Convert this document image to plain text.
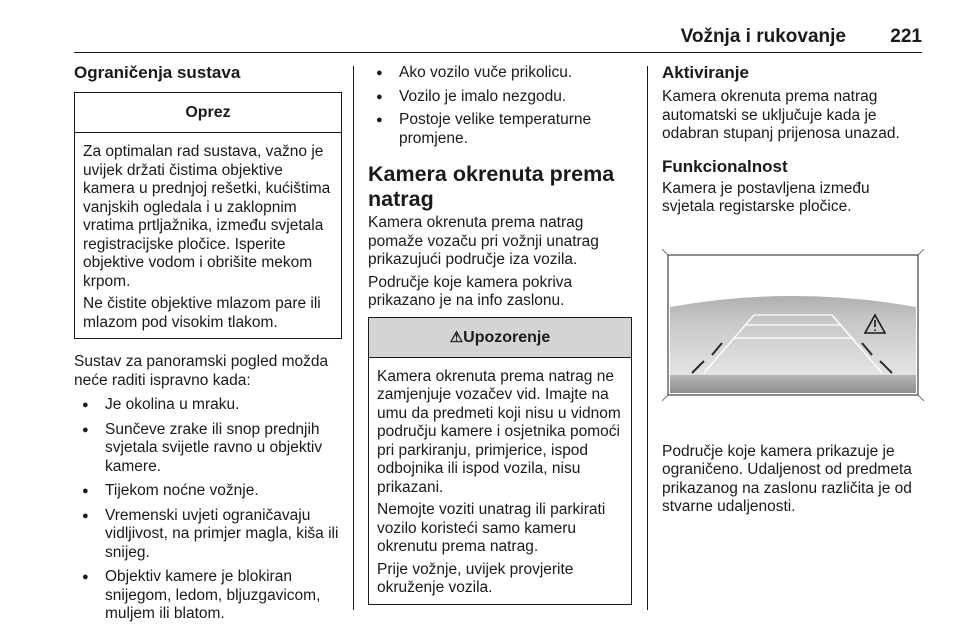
Vožnja i rukovanje 221
Ograničenja sustava
Oprez
Za optimalan rad sustava, važno je uvijek držati čistima objektive kamera u prednjoj rešetki, kućištima vanjskih ogledala i u zaklopnim vratima prtljažnika, između svjetala registracijske pločice. Isperite objektive vodom i obrišite mekom krpom.
Ne čistite objektive mlazom pare ili mlazom pod visokim tlakom.
Sustav za panoramski pogled možda neće raditi ispravno kada:
● Je okolina u mraku.
● Sunčeve zrake ili snop prednjih svjetala svijetle ravno u objektiv kamere.
● Tijekom noćne vožnje.
● Vremenski uvjeti ograničavaju vidljivost, na primjer magla, kiša ili snijeg.
● Objektiv kamere je blokiran snijegom, ledom, bljuzgavicom, muljem ili blatom.
● Ako vozilo vuče prikolicu.
● Vozilo je imalo nezgodu.
● Postoje velike temperaturne promjene.
Kamera okrenuta prema natrag
Kamera okrenuta prema natrag pomaže vozaču pri vožnji unatrag prikazujući područje iza vozila.
Područje koje kamera pokriva prikazano je na info zaslonu.
⚠Upozorenje
Kamera okrenuta prema natrag ne zamjenjuje vozačev vid. Imajte na umu da predmeti koji nisu u vidnom području kamere i osjetnika pomoći pri parkiranju, primjerice, ispod odbojnika ili ispod vozila, nisu prikazani.
Nemojte voziti unatrag ili parkirati vozilo koristeći samo kameru okrenutu prema natrag.
Prije vožnje, uvijek provjerite okruženje vozila.
Aktiviranje
Kamera okrenuta prema natrag automatski se uključuje kada je odabran stupanj prijenosa unazad.
Funkcionalnost
Kamera je postavljena između svjetala registarske pločice.
Područje koje kamera prikazuje je ograničeno. Udaljenost od predmeta prikazanog na zaslonu različita je od stvarne udaljenosti.
